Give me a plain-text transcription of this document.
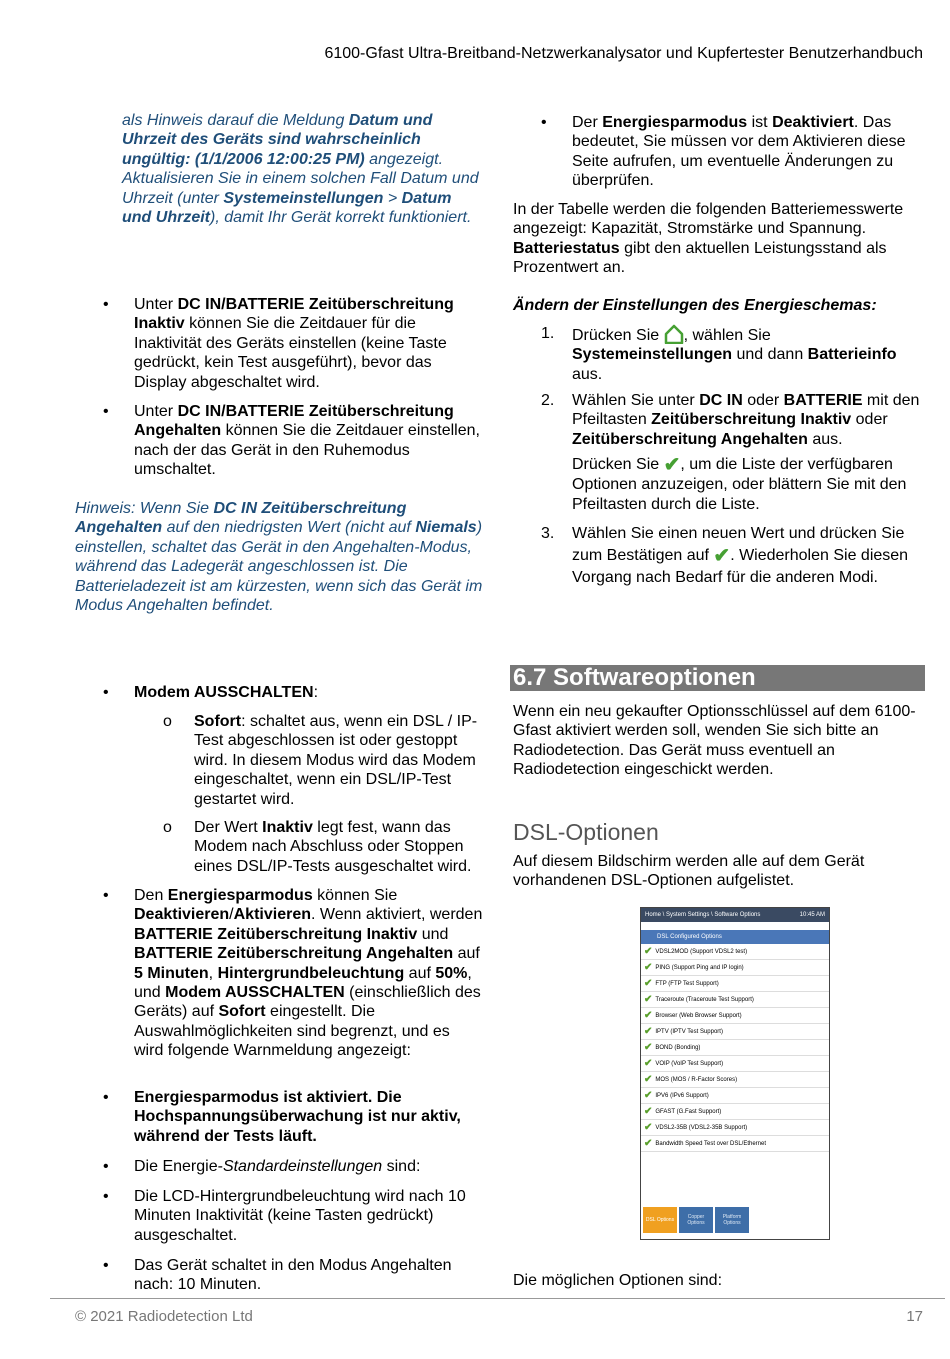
6100-Gfast Ultra-Breitband-Netzwerkanalysator und Kupfertester Benutzerhandbuch
als Hinweis darauf die Meldung Datum und Uhrzeit des Geräts sind wahrscheinlich ungültig: (1/1/2006 12:00:25 PM) angezeigt. Aktualisieren Sie in einem solchen Fall Datum und Uhrzeit (unter Systemeinstellungen > Datum und Uhrzeit), damit Ihr Gerät korrekt funktioniert.
•	Unter DC IN/BATTERIE Zeitüberschreitung Inaktiv können Sie die Zeitdauer für die Inaktivität des Geräts einstellen (keine Taste gedrückt, kein Test ausgeführt), bevor das Display abgeschaltet wird.
•	Unter DC IN/BATTERIE Zeitüberschreitung Angehalten können Sie die Zeitdauer einstellen, nach der das Gerät in den Ruhemodus umschaltet.
Hinweis: Wenn Sie DC IN Zeitüberschreitung Angehalten auf den niedrigsten Wert (nicht auf Niemals) einstellen, schaltet das Gerät in den Angehalten-Modus, während das Ladegerät angeschlossen ist. Die Batterieladezeit ist am kürzesten, wenn sich das Gerät im Modus Angehalten befindet.
•	Modem AUSSCHALTEN:
o	Sofort: schaltet aus, wenn ein DSL / IP-Test abgeschlossen ist oder gestoppt wird. In diesem Modus wird das Modem eingeschaltet, wenn ein DSL/IP-Test gestartet wird.
o	Der Wert Inaktiv legt fest, wann das Modem nach Abschluss oder Stoppen eines DSL/IP-Tests ausgeschaltet wird.
•	Den Energiesparmodus können Sie Deaktivieren/Aktivieren. Wenn aktiviert, werden BATTERIE Zeitüberschreitung Inaktiv und BATTERIE Zeitüberschreitung Angehalten auf 5 Minuten, Hintergrundbeleuchtung auf 50%, und Modem AUSSCHALTEN (einschließlich des Geräts) auf Sofort eingestellt. Die Auswahlmöglichkeiten sind begrenzt, und es wird folgende Warnmeldung angezeigt:
•	Energiesparmodus ist aktiviert. Die Hochspannungsüberwachung ist nur aktiv, während der Tests läuft.
•	Die Energie-Standardeinstellungen sind:
•	Die LCD-Hintergrundbeleuchtung wird nach 10 Minuten Inaktivität (keine Tasten gedrückt) ausgeschaltet.
•	Das Gerät schaltet in den Modus Angehalten nach: 10 Minuten.
•	Der Energiesparmodus ist Deaktiviert. Das bedeutet, Sie müssen vor dem Aktivieren diese Seite aufrufen, um eventuelle Änderungen zu überprüfen.
In der Tabelle werden die folgenden Batteriemesswerte angezeigt: Kapazität, Stromstärke und Spannung. Batteriestatus gibt den aktuellen Leistungsstand als Prozentwert an.
Ändern der Einstellungen des Energieschemas:
1.	Drücken Sie , wählen Sie Systemeinstellungen und dann Batterieinfo aus.
2.	Wählen Sie unter DC IN oder BATTERIE mit den Pfeiltasten Zeitüberschreitung Inaktiv oder Zeitüberschreitung Angehalten aus.
Drücken Sie ✔, um die Liste der verfügbaren Optionen anzuzeigen, oder blättern Sie mit den Pfeiltasten durch die Liste.
3.	Wählen Sie einen neuen Wert und drücken Sie zum Bestätigen auf ✔. Wiederholen Sie diesen Vorgang nach Bedarf für die anderen Modi.
6.7 Softwareoptionen
Wenn ein neu gekaufter Optionsschlüssel auf dem 6100-Gfast aktiviert werden soll, wenden Sie sich bitte an Radiodetection. Das Gerät muss eventuell an Radiodetection eingeschickt werden.
DSL-Optionen
Auf diesem Bildschirm werden alle auf dem Gerät vorhandenen DSL-Optionen aufgelistet.
Home \ System Settings \ Software Options	10:45 AM
DSL Configured Options
✔ VDSL2MOD (Support VDSL2 test)
✔ PING (Support Ping and IP login)
✔ FTP (FTP Test Support)
✔ Traceroute (Traceroute Test Support)
✔ Browser (Web Browser Support)
✔ IPTV (IPTV Test Support)
✔ BOND (Bonding)
✔ VOIP (VoIP Test Support)
✔ MOS (MOS / R-Factor Scores)
✔ IPV6 (IPv6 Support)
✔ GFAST (G.Fast Support)
✔ VDSL2-35B (VDSL2-35B Support)
✔ Bandwidth Speed Test over DSL/Ethernet
DSL Options	Copper Options
Platform Options
Die möglichen Optionen sind:
© 2021 Radiodetection Ltd	17
